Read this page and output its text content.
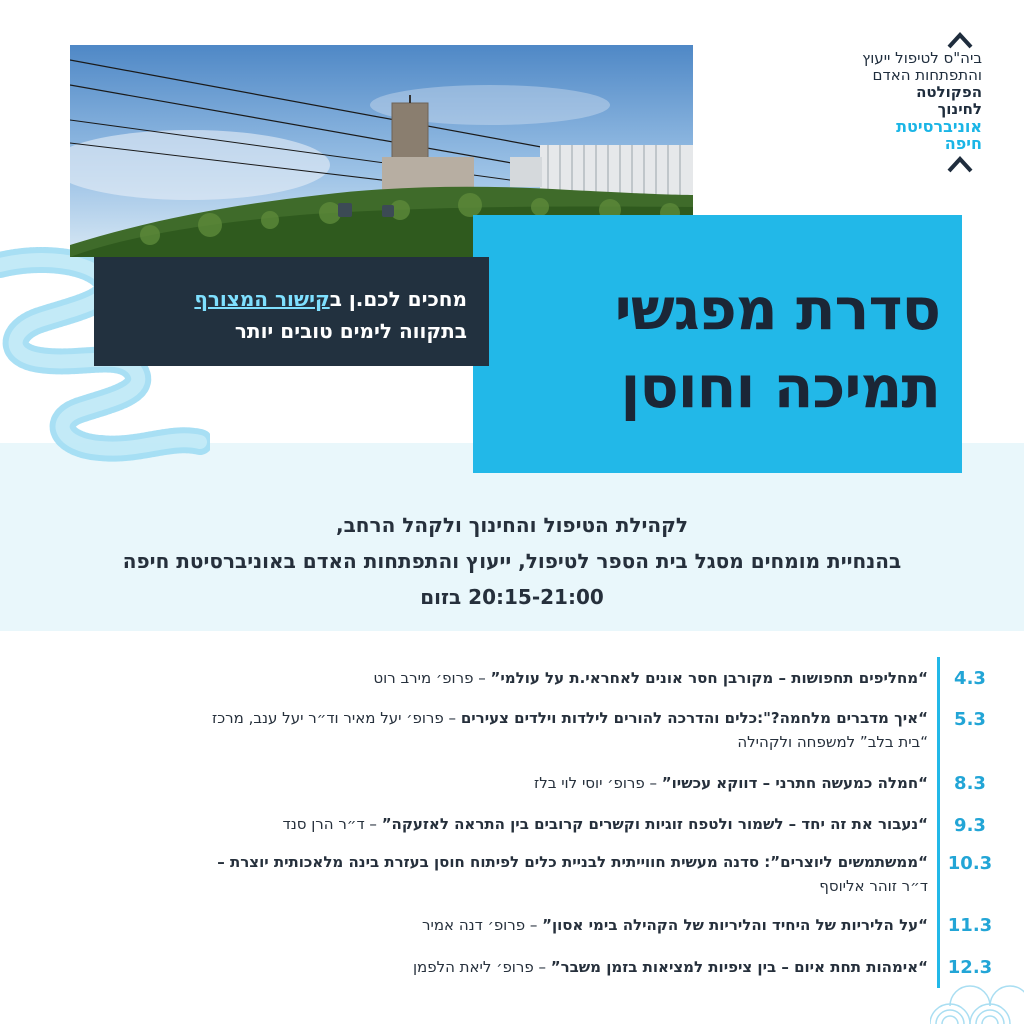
ביה"ס לטיפול ייעוץ
והתפתחות האדם
הפקולטה
לחינוך
אוניברסיטת
חיפה
סדרת מפגשי
תמיכה וחוסן
מחכים לכם.ן בקישור המצורף
בתקווה לימים טובים יותר
לקהילת הטיפול והחינוך ולקהל הרחב,
בהנחיית מומחים מסגל בית הספר לטיפול, ייעוץ והתפתחות האדם באוניברסיטת חיפה
20:15-21:00 בזום
4.3
“מחליפים תחפושות – מקורבן חסר אונים לאחראי.ת על עולמי” – פרופ׳ מירב רוט
5.3
“איך מדברים מלחמה?":כלים והדרכה להורים לילדות וילדים צעירים – פרופ׳ יעל מאיר וד״ר יעל ענב, מרכז
“בית בלב” למשפחה ולקהילה
8.3
“חמלה כמעשה חתרני – דווקא עכשיו” – פרופ׳ יוסי לוי בלז
9.3
“נעבור את זה יחד – לשמור ולטפח זוגיות וקשרים קרובים בין התראה לאזעקה” – ד״ר הרן סנד
10.3
“ממשתמשים ליוצרים”: סדנה מעשית חווייתית לבניית כלים לפיתוח חוסן בעזרת בינה מלאכותית יוצרת –
ד״ר זוהר אליוסף
11.3
“על הליריות של היחיד והליריות של הקהילה בימי אסון” – פרופ׳ דנה אמיר
12.3
“אימהות תחת איום – בין ציפיות למציאות בזמן משבר” – פרופ׳ ליאת הלפמן
